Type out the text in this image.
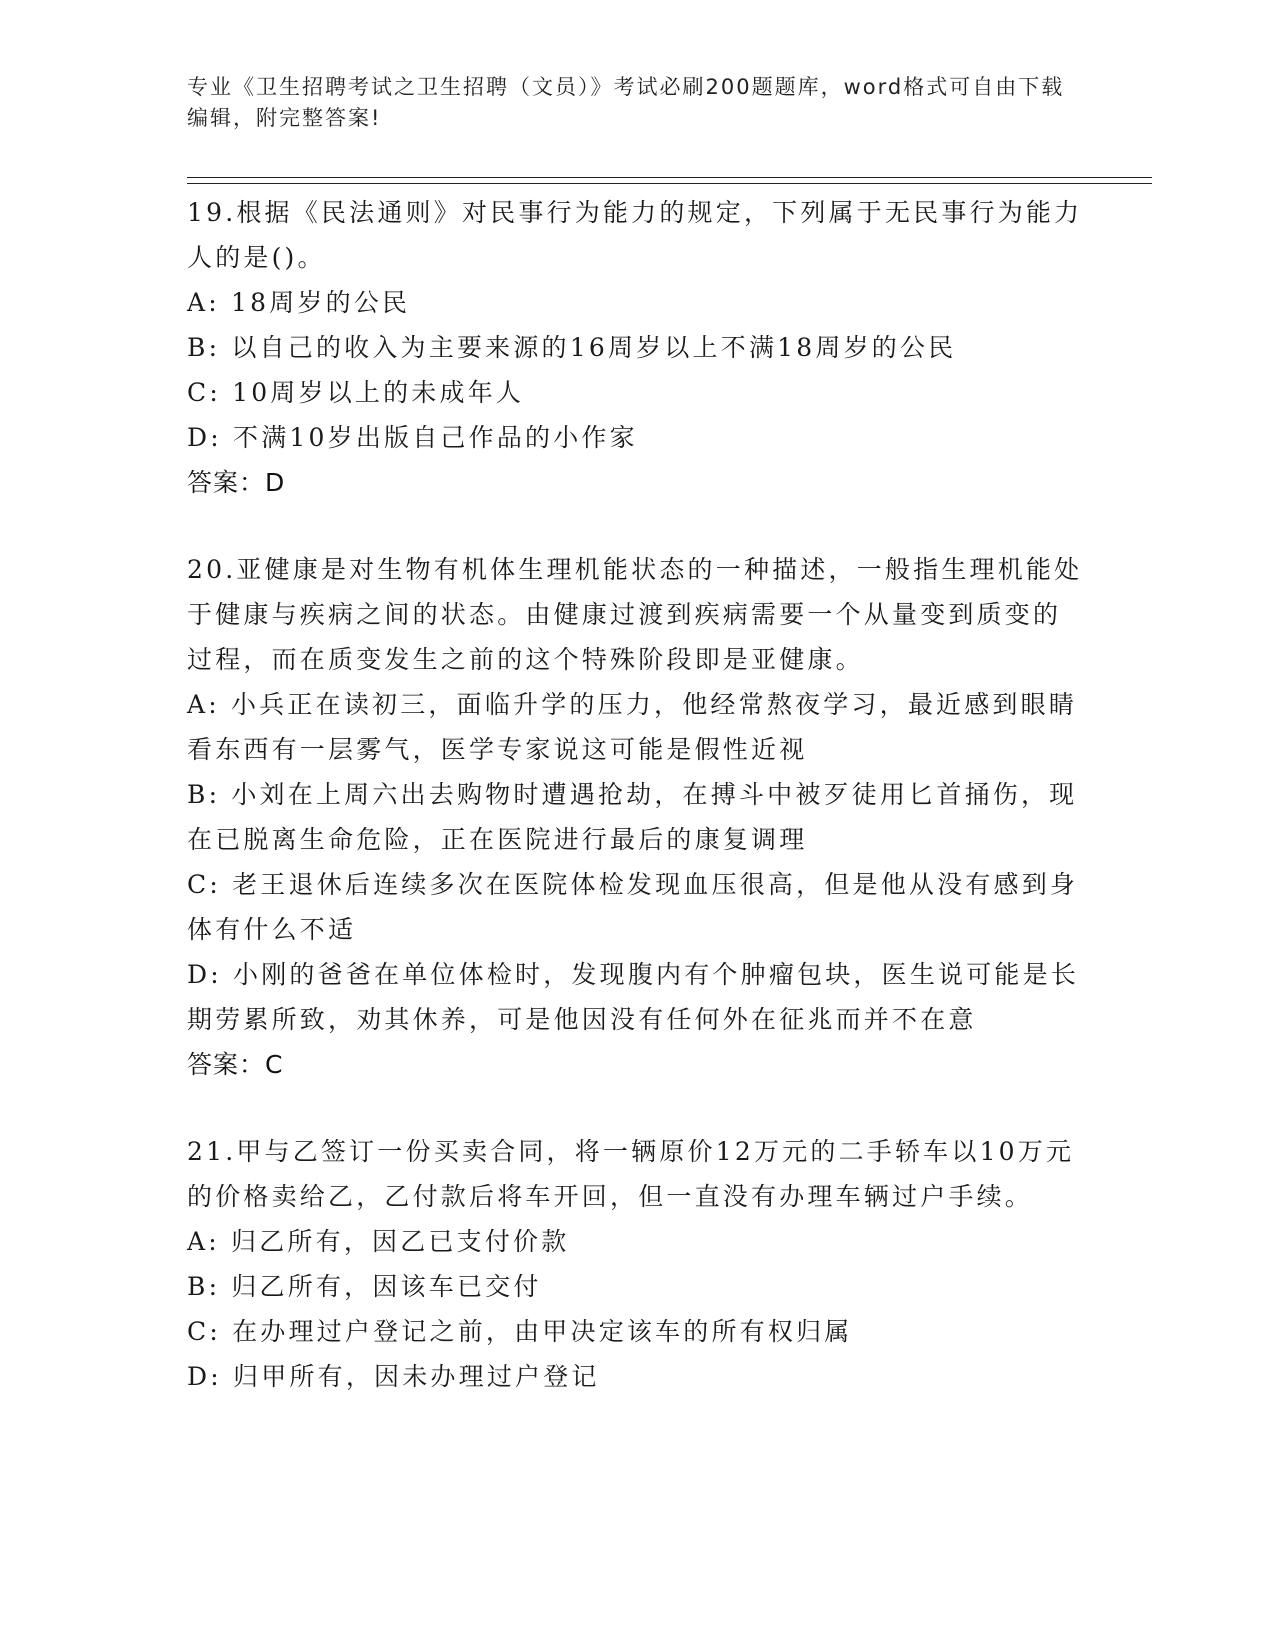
专业《卫生招聘考试之卫生招聘（文员）》考试必刷200题题库，word格式可自由下载编辑，附完整答案!

19.根据《民法通则》对民事行为能力的规定，下列属于无民事行为能力人的是()。

A: 18周岁的公民

B: 以自己的收入为主要来源的16周岁以上不满18周岁的公民

C: 10周岁以上的未成年人

D: 不满10岁出版自己作品的小作家

答案：D

20.亚健康是对生物有机体生理机能状态的一种描述，一般指生理机能处于健康与疾病之间的状态。由健康过渡到疾病需要一个从量变到质变的过程，而在质变发生之前的这个特殊阶段即是亚健康。

A: 小兵正在读初三，面临升学的压力，他经常熬夜学习，最近感到眼睛看东西有一层雾气，医学专家说这可能是假性近视

B: 小刘在上周六出去购物时遭遇抢劫，在搏斗中被歹徒用匕首捅伤，现在已脱离生命危险，正在医院进行最后的康复调理

C: 老王退休后连续多次在医院体检发现血压很高，但是他从没有感到身体有什么不适

D: 小刚的爸爸在单位体检时，发现腹内有个肿瘤包块，医生说可能是长期劳累所致，劝其休养，可是他因没有任何外在征兆而并不在意

答案：C

21.甲与乙签订一份买卖合同，将一辆原价12万元的二手轿车以10万元的价格卖给乙，乙付款后将车开回，但一直没有办理车辆过户手续。

A: 归乙所有，因乙已支付价款

B: 归乙所有，因该车已交付

C: 在办理过户登记之前，由甲决定该车的所有权归属

D: 归甲所有，因未办理过户登记
